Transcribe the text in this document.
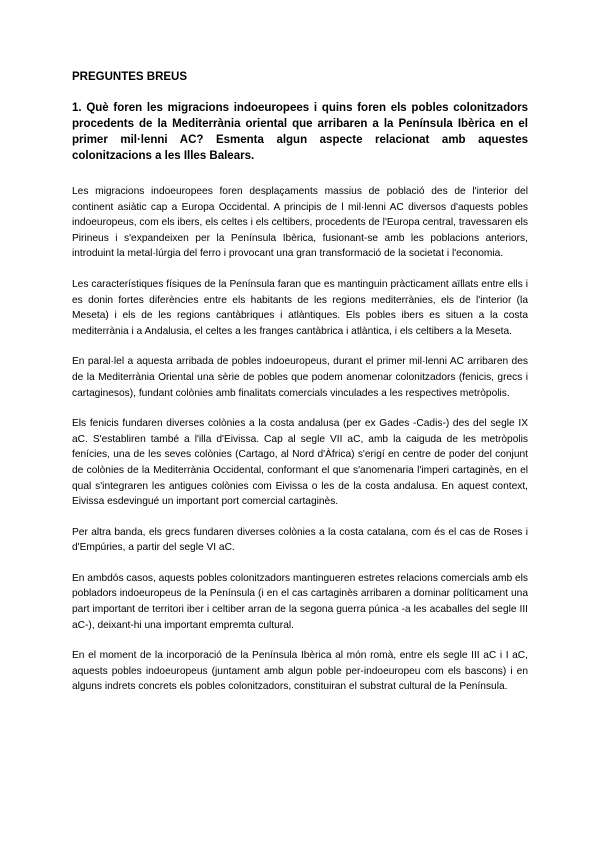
PREGUNTES BREUS
1. Què foren les migracions indoeuropees i quins foren els pobles colonitzadors procedents de la Mediterrània oriental que arribaren a la Península Ibèrica en el primer mil·lenni AC? Esmenta algun aspecte relacionat amb aquestes colonitzacions a les Illes Balears.

Les migracions indoeuropees foren desplaçaments massius de població des de l'interior del continent asiàtic cap a Europa Occidental. A principis de l mil·lenni AC diversos d'aquests pobles indoeuropeus, com els ibers, els celtes i els celtibers, procedents de l'Europa central, travessaren els Pirineus i s'expandeixen per la Península Ibèrica, fusionant-se amb les poblacions anteriors, introduint la metal·lúrgia del ferro i provocant una gran transformació de la societat i l'economia.

Les característiques físiques de la Península faran que es mantinguin pràcticament aïllats entre ells i es donin fortes diferències entre els habitants de les regions mediterrànies, els de l'interior (la Meseta) i els de les regions cantàbriques i atlàntiques. Els pobles ibers es situen a la costa mediterrània i a Andalusia, el celtes a les franges cantàbrica i atlàntica, i els celtibers a la Meseta.

En paral·lel a aquesta arribada de pobles indoeuropeus, durant el primer mil·lenni AC arribaren des de la Mediterrània Oriental una sèrie de pobles que podem anomenar colonitzadors (fenicis, grecs i cartaginesos), fundant colònies amb finalitats comercials vinculades a les respectives metròpolis.

Els fenicis fundaren diverses colònies a la costa andalusa (per ex Gades -Cadis-) des del segle IX aC. S'establiren també a l'illa d'Eivissa. Cap al segle VII aC, amb la caiguda de les metròpolis fenícies, una de les seves colònies (Cartago, al Nord d'Àfrica) s'erigí en centre de poder del conjunt de colònies de la Mediterrània Occidental, conformant el que s'anomenaria l'imperi cartaginès, en el qual s'integraren les antigues colònies com Eivissa o les de la costa andalusa. En aquest context, Eivissa esdevingué un important port comercial cartaginès.

Per altra banda, els grecs fundaren diverses colònies a la costa catalana, com és el cas de Roses i d'Empúries, a partir del segle VI aC.

En ambdós casos, aquests pobles colonitzadors mantingueren estretes relacions comercials amb els pobladors indoeuropeus de la Península (i en el cas cartaginès arribaren a dominar políticament una part important de territori iber i celtiber arran de la segona guerra púnica -a les acaballes del segle III aC-), deixant-hi una important empremta cultural.

En el moment de la incorporació de la Península Ibèrica al món romà, entre els segle III aC i I aC, aquests pobles indoeuropeus (juntament amb algun poble per-indoeuropeu com els bascons) i en alguns indrets concrets els pobles colonitzadors, constituiran el substrat cultural de la Península.
